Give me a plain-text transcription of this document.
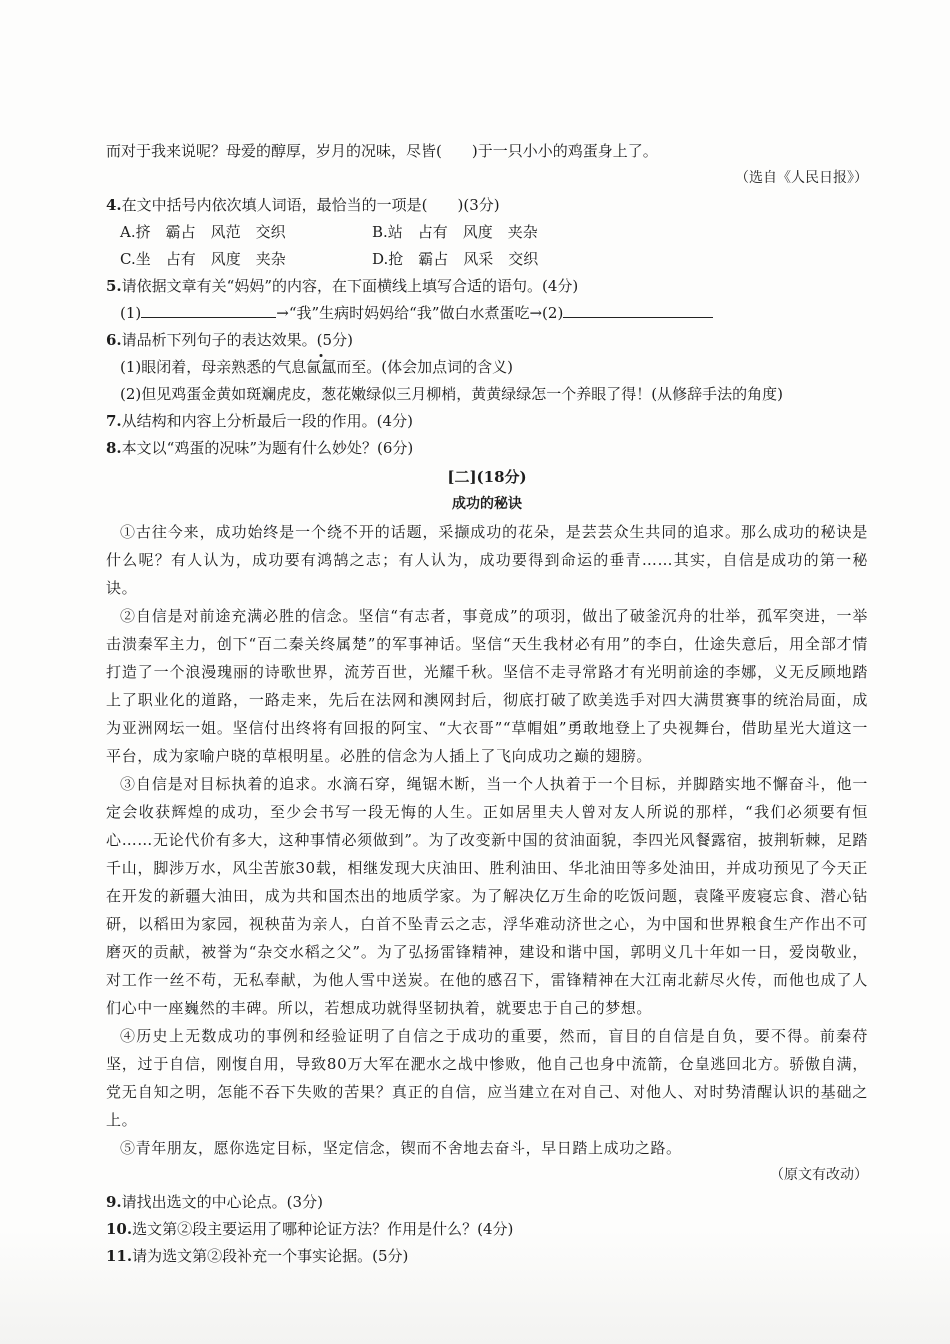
而对于我来说呢？母爱的醇厚，岁月的况味，尽皆(　　)于一只小小的鸡蛋身上了。
（选自《人民日报》）
4.在文中括号内依次填人词语，最恰当的一项是(　　)(3分)
A.挤　霸占　风范　交织	B.站　占有　风度　夹杂
C.坐　占有　风度　夹杂	D.抢　霸占　风采　交织
5.请依据文章有关“妈妈”的内容，在下面横线上填写合适的语句。(4分)
(1)	→“我”生病时妈妈给“我”做白水煮蛋吃→(2)
6.请品析下列句子的表达效果。(5分)
(1)眼闭着，母亲熟悉的气息氤氲而至。(体会加点词的含义)
(2)但见鸡蛋金黄如斑斓虎皮，葱花嫩绿似三月柳梢，黄黄绿绿怎一个养眼了得！(从修辞手法的角度)
7.从结构和内容上分析最后一段的作用。(4分)
8.本文以“鸡蛋的况味”为题有什么妙处？(6分)
[二](18分)
成功的秘诀
①古往今来，成功始终是一个绕不开的话题，采撷成功的花朵，是芸芸众生共同的追求。那么成功的秘诀是什么呢？有人认为，成功要有鸿鹄之志；有人认为，成功要得到命运的垂青……其实，自信是成功的第一秘诀。
②自信是对前途充满必胜的信念。坚信“有志者，事竟成”的项羽，做出了破釜沉舟的壮举，孤军突进，一举击溃秦军主力，创下“百二秦关终属楚”的军事神话。坚信“天生我材必有用”的李白，仕途失意后，用全部才情打造了一个浪漫瑰丽的诗歌世界，流芳百世，光耀千秋。坚信不走寻常路才有光明前途的李娜，义无反顾地踏上了职业化的道路，一路走来，先后在法网和澳网封后，彻底打破了欧美选手对四大满贯赛事的统治局面，成为亚洲网坛一姐。坚信付出终将有回报的阿宝、“大衣哥”“草帽姐”勇敢地登上了央视舞台，借助星光大道这一平台，成为家喻户晓的草根明星。必胜的信念为人插上了飞向成功之巅的翅膀。
③自信是对目标执着的追求。水滴石穿，绳锯木断，当一个人执着于一个目标，并脚踏实地不懈奋斗，他一定会收获辉煌的成功，至少会书写一段无悔的人生。正如居里夫人曾对友人所说的那样，“我们必须要有恒心……无论代价有多大，这种事情必须做到”。为了改变新中国的贫油面貌，李四光风餐露宿，披荆斩棘，足踏千山，脚涉万水，风尘苦旅30载，相继发现大庆油田、胜利油田、华北油田等多处油田，并成功预见了今天正在开发的新疆大油田，成为共和国杰出的地质学家。为了解决亿万生命的吃饭问题，袁隆平废寝忘食、潜心钻研，以稻田为家园，视秧苗为亲人，白首不坠青云之志，浮华难动济世之心，为中国和世界粮食生产作出不可磨灭的贡献，被誉为“杂交水稻之父”。为了弘扬雷锋精神，建设和谐中国，郭明义几十年如一日，爱岗敬业，对工作一丝不苟，无私奉献，为他人雪中送炭。在他的感召下，雷锋精神在大江南北薪尽火传，而他也成了人们心中一座巍然的丰碑。所以，若想成功就得坚韧执着，就要忠于自己的梦想。
④历史上无数成功的事例和经验证明了自信之于成功的重要，然而，盲目的自信是自负，要不得。前秦苻坚，过于自信，刚愎自用，导致80万大军在淝水之战中惨败，他自己也身中流箭，仓皇逃回北方。骄傲自满，党无自知之明，怎能不吞下失败的苦果？真正的自信，应当建立在对自己、对他人、对时势清醒认识的基础之上。
⑤青年朋友，愿你选定目标，坚定信念，锲而不舍地去奋斗，早日踏上成功之路。
（原文有改动）
9.请找出选文的中心论点。(3分)
10.选文第②段主要运用了哪种论证方法？作用是什么？(4分)
11.请为选文第②段补充一个事实论据。(5分)
